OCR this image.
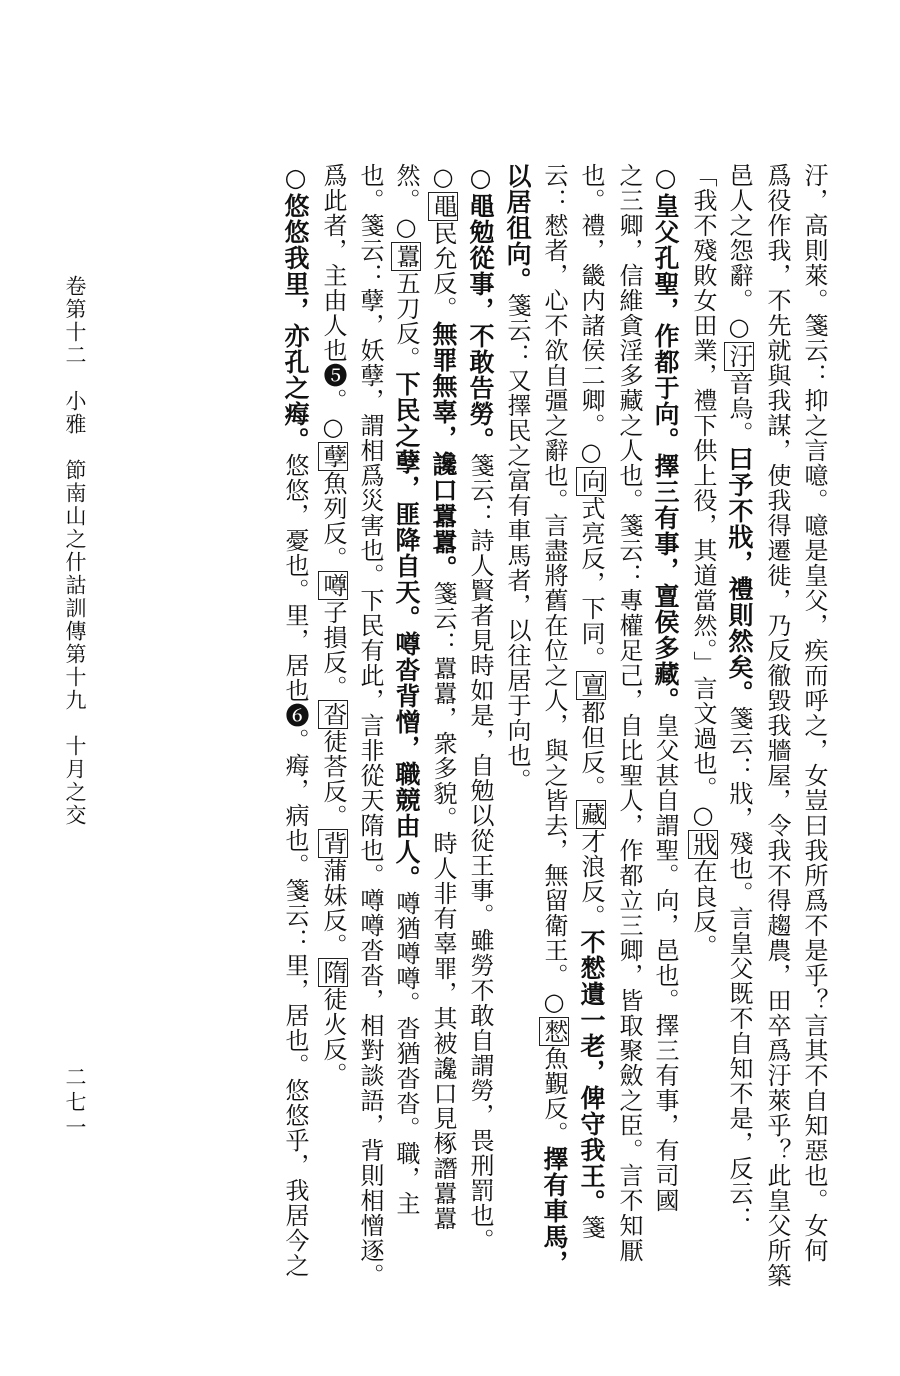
汙，高則萊。箋云：抑之言噫。噫是皇父，疾而呼之，女豈曰我所爲不是乎？言其不自知惡也。女何
爲役作我，不先就與我謀，使我得遷徙，乃反徹毀我牆屋，令我不得趨農，田卒爲汙萊乎？此皇父所築
邑人之怨辭。○汙音烏。曰予不戕，禮則然矣。箋云：戕，殘也。言皇父既不自知不是，反云：
「我不殘敗女田業，禮下供上役，其道當然。」言文過也。○戕在良反。
○皇父孔聖，作都于向。擇三有事，亶侯多藏。皇父甚自謂聖。向，邑也。擇三有事，有司國
之三卿，信維貪淫多藏之人也。箋云：專權足己，自比聖人，作都立三卿，皆取聚斂之臣。言不知厭
也。禮，畿内諸侯二卿。○向式亮反，下同。亶都但反。藏才浪反。不憖遺一老，俾守我王。箋
云：憖者，心不欲自彊之辭也。言盡將舊在位之人，與之皆去，無留衛王。○憖魚覲反。擇有車馬，
以居徂向。箋云：又擇民之富有車馬者，以往居于向也。
○黽勉從事，不敢告勞。箋云：詩人賢者見時如是，自勉以從王事。雖勞不敢自謂勞，畏刑罰也。
○黽民允反。無罪無辜，讒口囂囂。箋云：囂囂，衆多貌。時人非有辜罪，其被讒口見椓譖囂囂
然。○囂五刀反。下民之孽，匪降自天。噂沓背憎，職競由人。噂猶噂噂。沓猶沓沓。職，主
也。箋云：孽，妖孽，謂相爲災害也。下民有此，言非從天隋也。噂噂沓沓，相對談語，背則相憎逐。
爲此者，主由人也❺。○孽魚列反。噂子損反。沓徒荅反。背蒲妹反。隋徒火反。
○悠悠我里，亦孔之痗。悠悠，憂也。里，居也❻。痗，病也。箋云：里，居也。悠悠乎，我居今之
卷第十二　小雅　節南山之什詁訓傳第十九　十月之交
二七一
